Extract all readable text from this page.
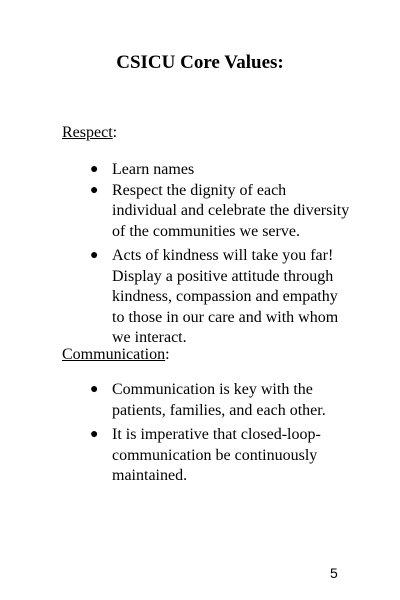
CSICU Core Values:

Respect:

● Learn names
● Respect the dignity of each individual and celebrate the diversity of the communities we serve.
● Acts of kindness will take you far! Display a positive attitude through kindness, compassion and empathy to those in our care and with whom we interact.

Communication:

● Communication is key with the patients, families, and each other.
● It is imperative that closed-loop-communication be continuously maintained.

5
